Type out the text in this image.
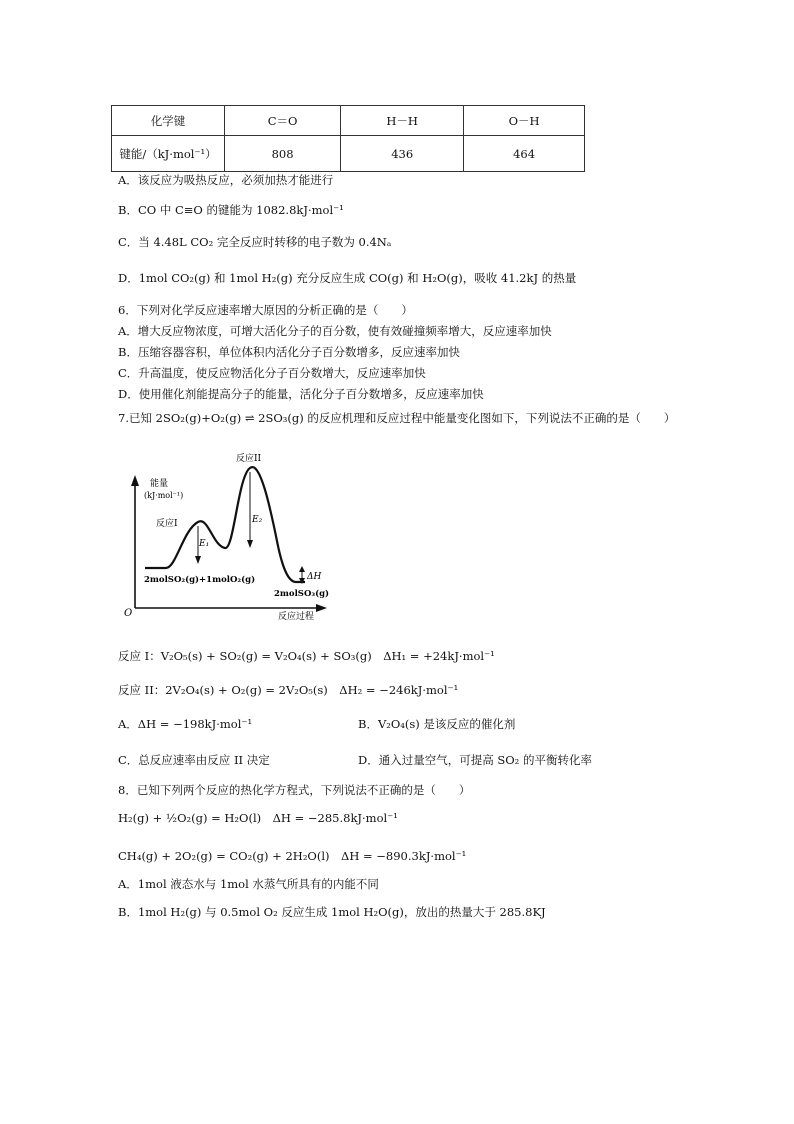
化学键	C＝O	H－H	O－H
键能/（kJ·mol⁻¹）	808	436	464
A．该反应为吸热反应，必须加热才能进行
B．CO 中 C≡O 的键能为 1082.8kJ·mol⁻¹
C．当 4.48L CO₂ 完全反应时转移的电子数为 0.4Nₐ
D．1mol CO₂(g) 和 1mol H₂(g) 充分反应生成 CO(g) 和 H₂O(g)，吸收 41.2kJ 的热量
6．下列对化学反应速率增大原因的分析正确的是（　　）
A．增大反应物浓度，可增大活化分子的百分数，使有效碰撞频率增大，反应速率加快
B．压缩容器容积，单位体积内活化分子百分数增多，反应速率加快
C．升高温度，使反应物活化分子百分数增大，反应速率加快
D．使用催化剂能提高分子的能量，活化分子百分数增多，反应速率加快
7.已知 2SO₂(g)+O₂(g) ⇌ 2SO₃(g) 的反应机理和反应过程中能量变化图如下，下列说法不正确的是（　　）
能量
(kJ·mol⁻¹)
反应II
反应I
E₁
E₂
ΔH
2molSO₂(g)+1molO₂(g)
2molSO₃(g)
O	反应过程
反应 I：V₂O₅(s) + SO₂(g) = V₂O₄(s) + SO₃(g)　ΔH₁ = +24kJ·mol⁻¹
反应 II：2V₂O₄(s) + O₂(g) = 2V₂O₅(s)　ΔH₂ = −246kJ·mol⁻¹
A．ΔH = −198kJ·mol⁻¹	B．V₂O₄(s) 是该反应的催化剂
C．总反应速率由反应 II 决定	D．通入过量空气，可提高 SO₂ 的平衡转化率
8．已知下列两个反应的热化学方程式，下列说法不正确的是（　　）
H₂(g) + ½O₂(g) = H₂O(l)　ΔH = −285.8kJ·mol⁻¹
CH₄(g) + 2O₂(g) = CO₂(g) + 2H₂O(l)　ΔH = −890.3kJ·mol⁻¹
A．1mol 液态水与 1mol 水蒸气所具有的内能不同
B．1mol H₂(g) 与 0.5mol O₂ 反应生成 1mol H₂O(g)，放出的热量大于 285.8KJ
